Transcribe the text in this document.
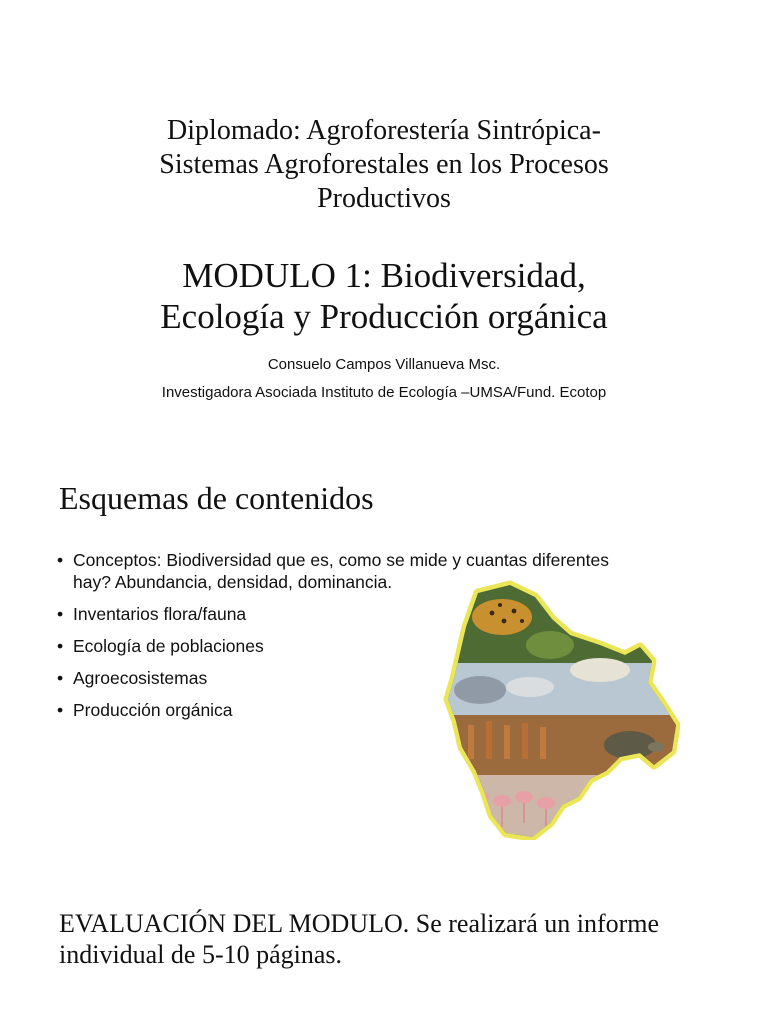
Diplomado: Agroforestería Sintrópica-
Sistemas Agroforestales en los Procesos
Productivos
MODULO 1: Biodiversidad,
Ecología y Producción orgánica
Consuelo Campos Villanueva Msc.
Investigadora Asociada Instituto de Ecología –UMSA/Fund. Ecotop
Esquemas de contenidos
• Conceptos: Biodiversidad que es, como se mide y cuantas diferentes
hay? Abundancia, densidad, dominancia.
• Inventarios flora/fauna
• Ecología de poblaciones
• Agroecosistemas
• Producción orgánica
EVALUACIÓN DEL MODULO. Se realizará un informe individual de 5-10 páginas.
